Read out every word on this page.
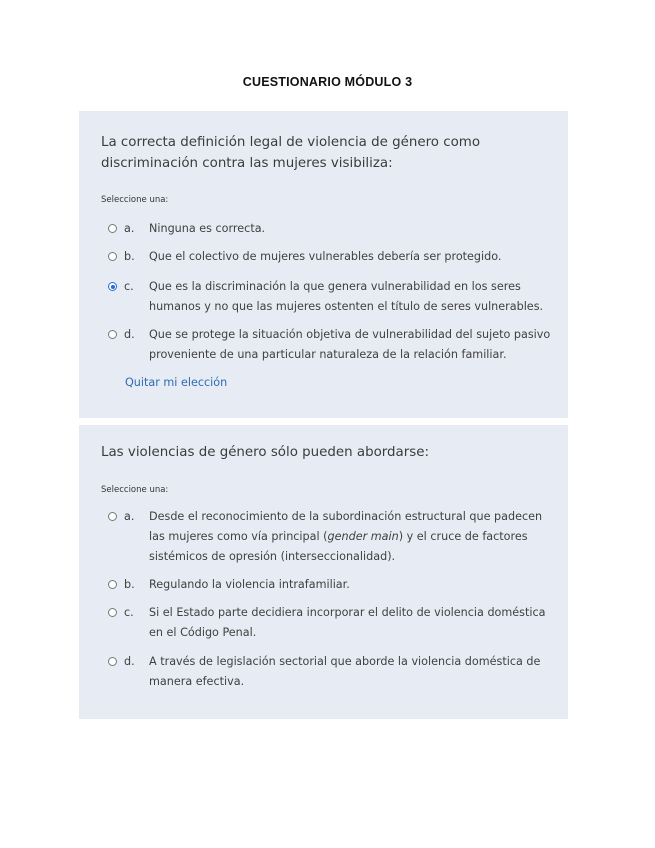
CUESTIONARIO MÓDULO 3
La correcta definición legal de violencia de género como discriminación contra las mujeres visibiliza:
Seleccione una:
a.	Ninguna es correcta.
b.	Que el colectivo de mujeres vulnerables debería ser protegido.
c.	Que es la discriminación la que genera vulnerabilidad en los seres humanos y no que las mujeres ostenten el título de seres vulnerables.
d.	Que se protege la situación objetiva de vulnerabilidad del sujeto pasivo proveniente de una particular naturaleza de la relación familiar.
Quitar mi elección
Las violencias de género sólo pueden abordarse:
Seleccione una:
a.	Desde el reconocimiento de la subordinación estructural que padecen las mujeres como vía principal (gender main) y el cruce de factores sistémicos de opresión (interseccionalidad).
b.	Regulando la violencia intrafamiliar.
c.	Si el Estado parte decidiera incorporar el delito de violencia doméstica en el Código Penal.
d.	A través de legislación sectorial que aborde la violencia doméstica de manera efectiva.
